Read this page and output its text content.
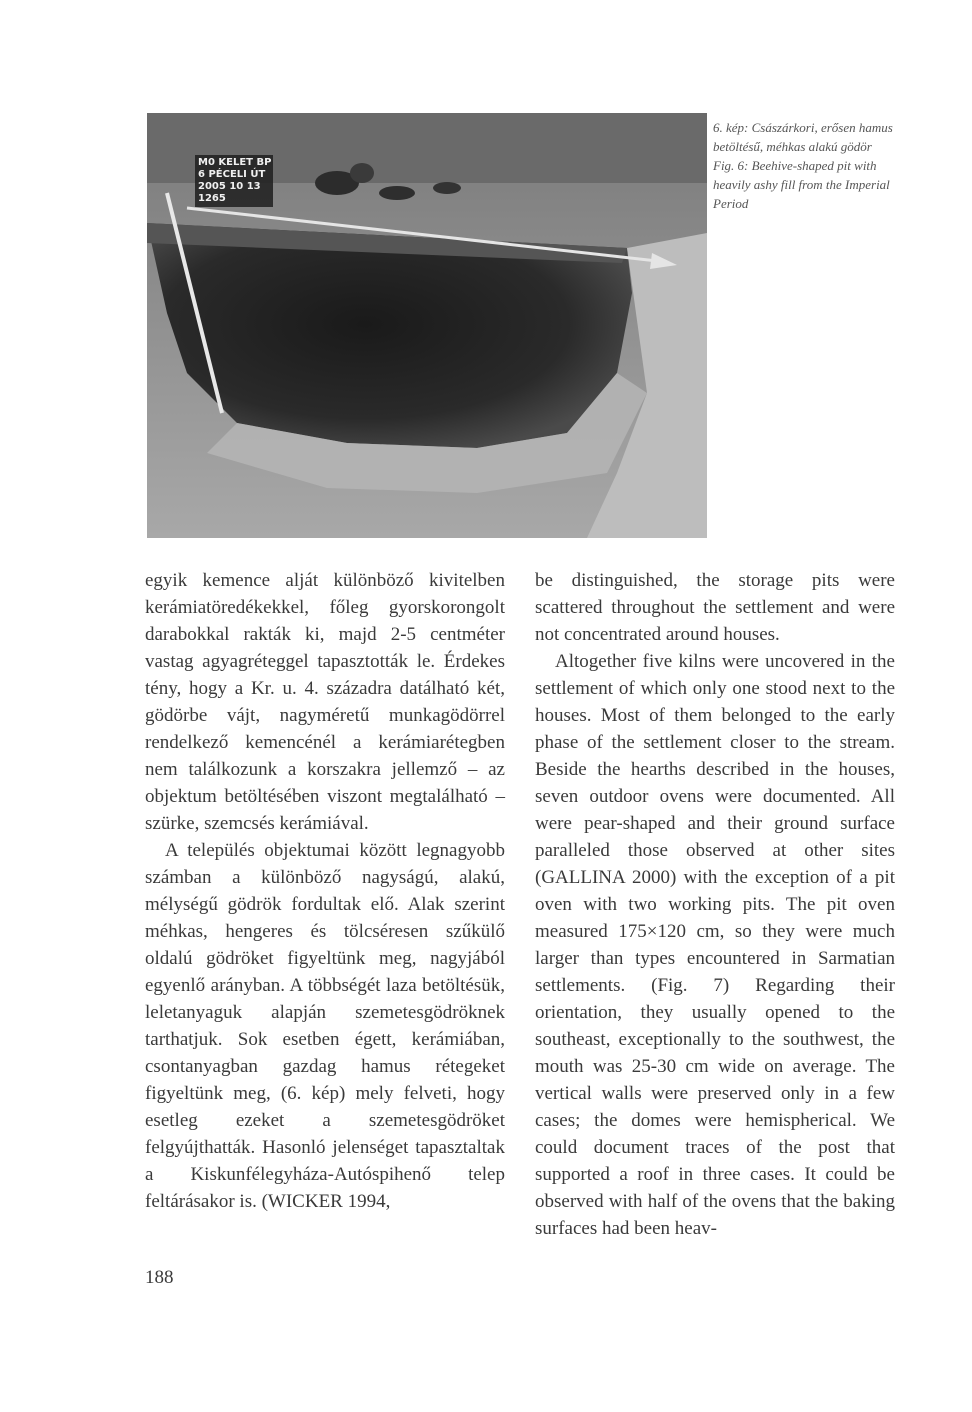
M0 KELET BP
6 PÉCELI ÚT
2005 10 13
1265

6. kép: Császárkori, erősen hamus betöltésű, méhkas alakú gödör

Fig. 6: Beehive-shaped pit with heavily ashy fill from the Imperial Period

egyik kemence alját különböző kivitelben kerámiatöredékekkel, főleg gyorskorongolt darabokkal rakták ki, majd 2-5 centméter vastag agyagréteggel tapasztották le. Érdekes tény, hogy a Kr. u. 4. századra datálható két, gödörbe vájt, nagyméretű munkagödörrel rendelkező kemencénél a kerámiarétegben nem találkozunk a korszakra jellemző – az objektum betöltésében viszont megtalálható – szürke, szemcsés kerámiával.

A település objektumai között legnagyobb számban a különböző nagyságú, alakú, mélységű gödrök fordultak elő. Alak szerint méhkas, hengeres és tölcséresen szűkülő oldalú gödröket figyeltünk meg, nagyjából egyenlő arányban. A többségét laza betöltésük, leletanyaguk alapján szemetesgödröknek tarthatjuk. Sok esetben égett, kerámiában, csontanyagban gazdag hamus rétegeket figyeltünk meg, (6. kép) mely felveti, hogy esetleg ezeket a szemetesgödröket felgyújthatták. Hasonló jelenséget tapasztaltak a Kiskunfélegyháza-Autóspihenő telep feltárásakor is. (WICKER 1994,

be distinguished, the storage pits were scattered throughout the settlement and were not concentrated around houses.

Altogether five kilns were uncovered in the settlement of which only one stood next to the houses. Most of them belonged to the early phase of the settlement closer to the stream. Beside the hearths described in the houses, seven outdoor ovens were documented. All were pear-shaped and their ground surface paralleled those observed at other sites (GALLINA 2000) with the exception of a pit oven with two working pits. The pit oven measured 175×120 cm, so they were much larger than types encountered in Sarmatian settlements. (Fig. 7) Regarding their orientation, they usually opened to the southeast, exceptionally to the southwest, the mouth was 25-30 cm wide on average. The vertical walls were preserved only in a few cases; the domes were hemispherical. We could document traces of the post that supported a roof in three cases. It could be observed with half of the ovens that the baking surfaces had been heav-

188
